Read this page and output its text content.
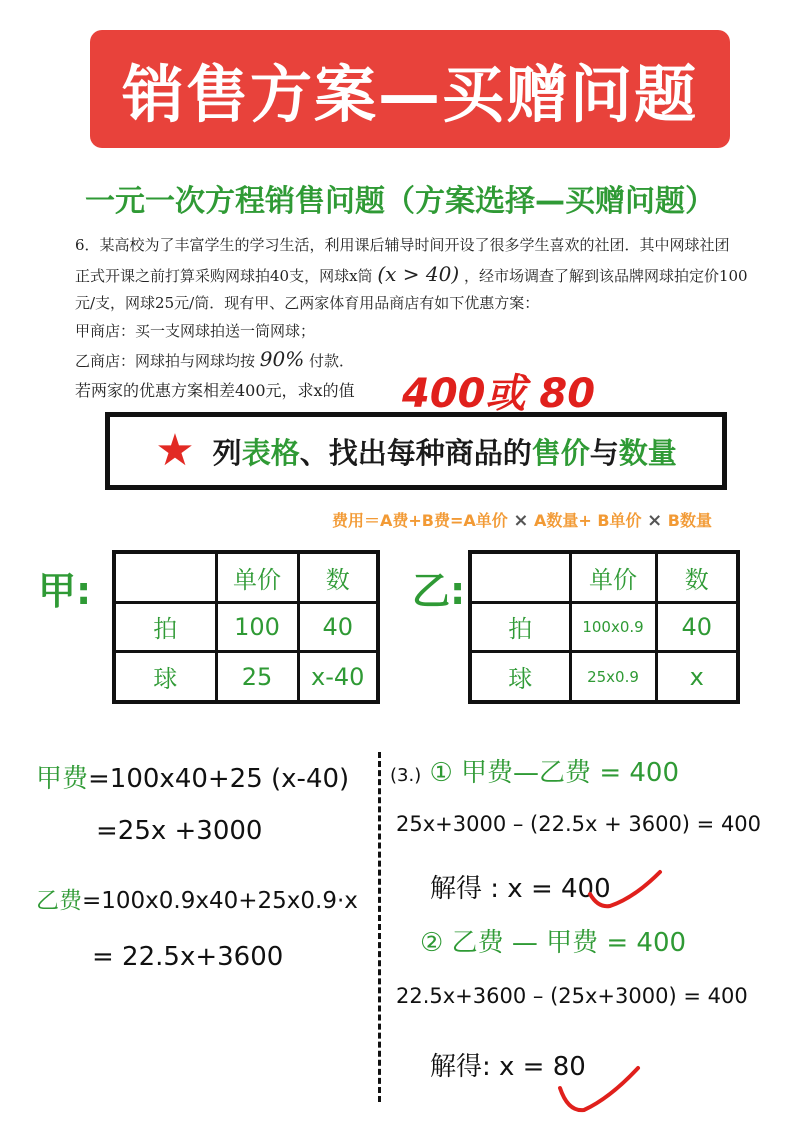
销售方案—买赠问题
一元一次方程销售问题（方案选择—买赠问题）
6．某高校为了丰富学生的学习生活，利用课后辅导时间开设了很多学生喜欢的社团．其中网球社团
正式开课之前打算采购网球拍40支，网球x筒 (x > 40) ，经市场调查了解到该品牌网球拍定价100
元/支，网球25元/筒．现有甲、乙两家体育用品商店有如下优惠方案：
甲商店：买一支网球拍送一筒网球；
乙商店：网球拍与网球均按 90% 付款．
若两家的优惠方案相差400元，求x的值 400或 80
★ 列 表格 、找出每种商品的 售价 与 数量
费用＝A费+B费=A单价 × A数量+ B单价 × B数量
甲:
		单价	数
拍	100	40
球	25	x-40
乙:
		单价	数
拍	100x0.9	40
球	25x0.9	x
甲费=100x40+25 (x-40)
=25x +3000
乙费=100x0.9x40+25x0.9·x
= 22.5x+3600
(3.) ① 甲费—乙费 = 400
25x+3000 – (22.5x + 3600) = 400
解得 : x = 400
② 乙费 — 甲费 = 400
22.5x+3600 – (25x+3000) = 400
解得: x = 80
